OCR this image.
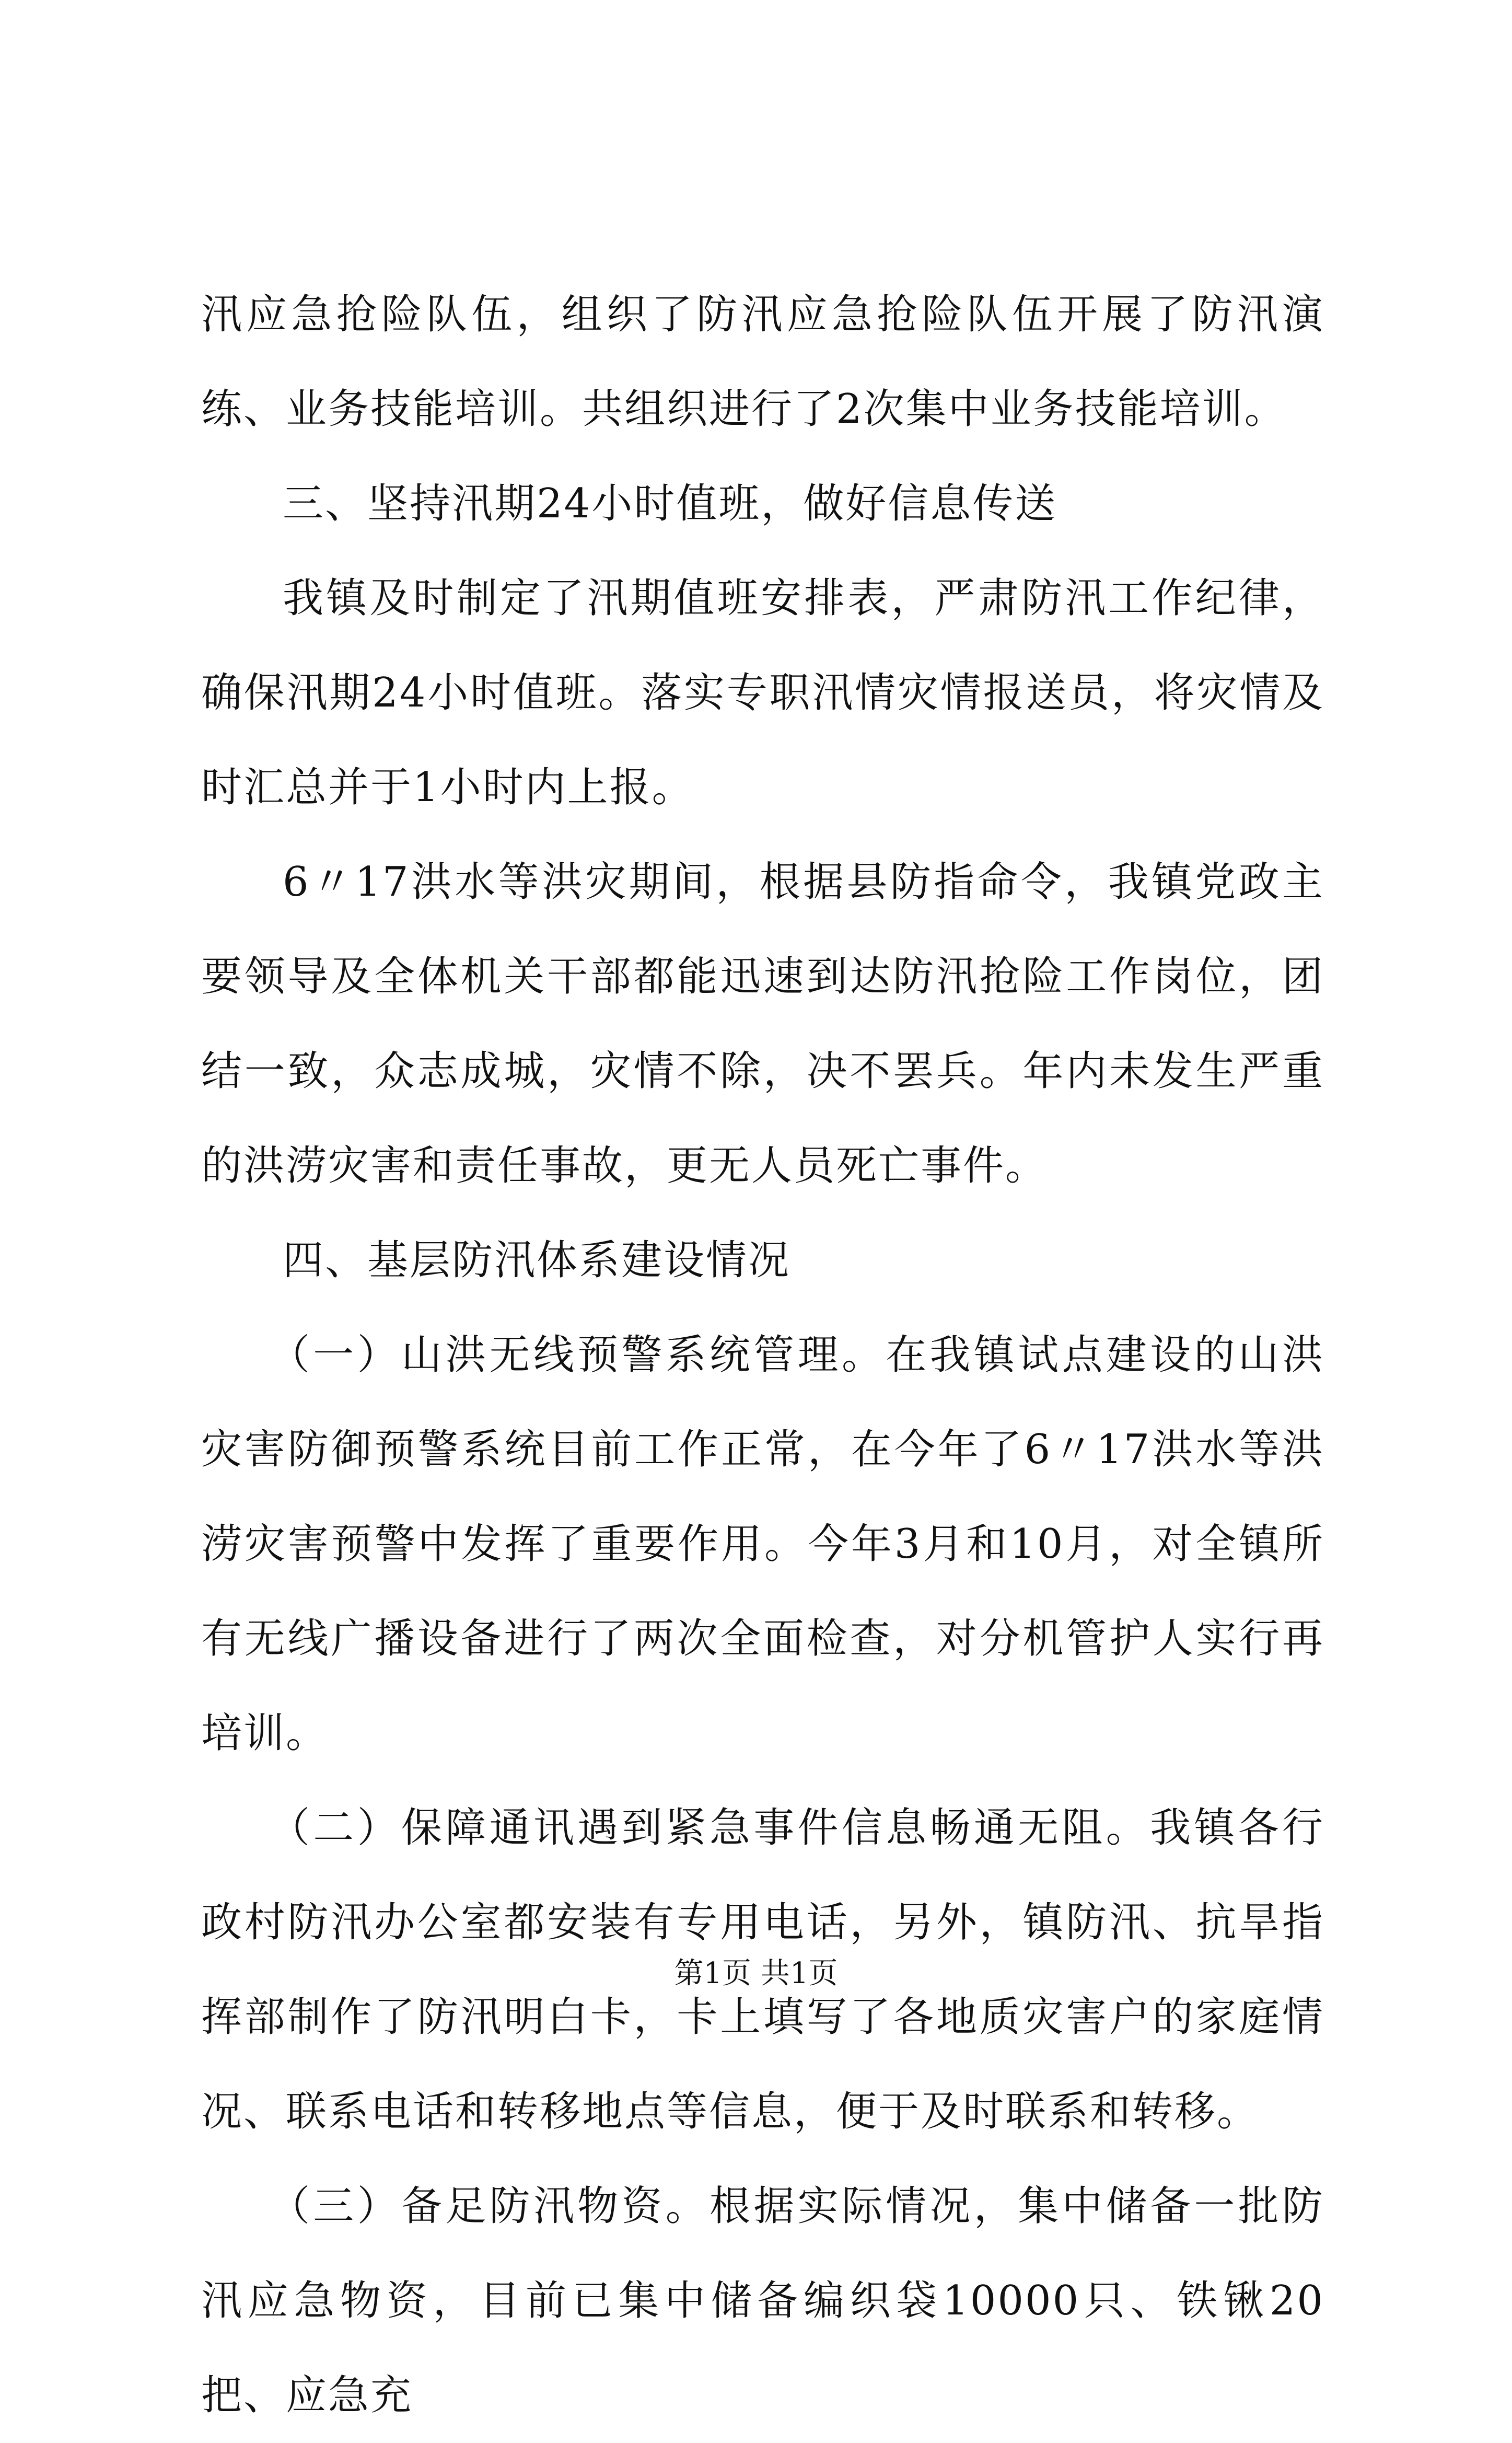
汛应急抢险队伍，组织了防汛应急抢险队伍开展了防汛演练、业务技能培训。共组织进行了2次集中业务技能培训。

三、坚持汛期24小时值班，做好信息传送

我镇及时制定了汛期值班安排表，严肃防汛工作纪律，确保汛期24小时值班。落实专职汛情灾情报送员，将灾情及时汇总并于1小时内上报。

6〃17洪水等洪灾期间，根据县防指命令，我镇党政主要领导及全体机关干部都能迅速到达防汛抢险工作岗位，团结一致，众志成城，灾情不除，决不罢兵。年内未发生严重的洪涝灾害和责任事故，更无人员死亡事件。

四、基层防汛体系建设情况

（一）山洪无线预警系统管理。在我镇试点建设的山洪灾害防御预警系统目前工作正常，在今年了6〃17洪水等洪涝灾害预警中发挥了重要作用。今年3月和10月，对全镇所有无线广播设备进行了两次全面检查，对分机管护人实行再培训。

（二）保障通讯遇到紧急事件信息畅通无阻。我镇各行政村防汛办公室都安装有专用电话，另外，镇防汛、抗旱指挥部制作了防汛明白卡，卡上填写了各地质灾害户的家庭情况、联系电话和转移地点等信息，便于及时联系和转移。

（三）备足防汛物资。根据实际情况，集中储备一批防汛应急物资，目前已集中储备编织袋10000只、铁锹20把、应急充

第1页 共1页
